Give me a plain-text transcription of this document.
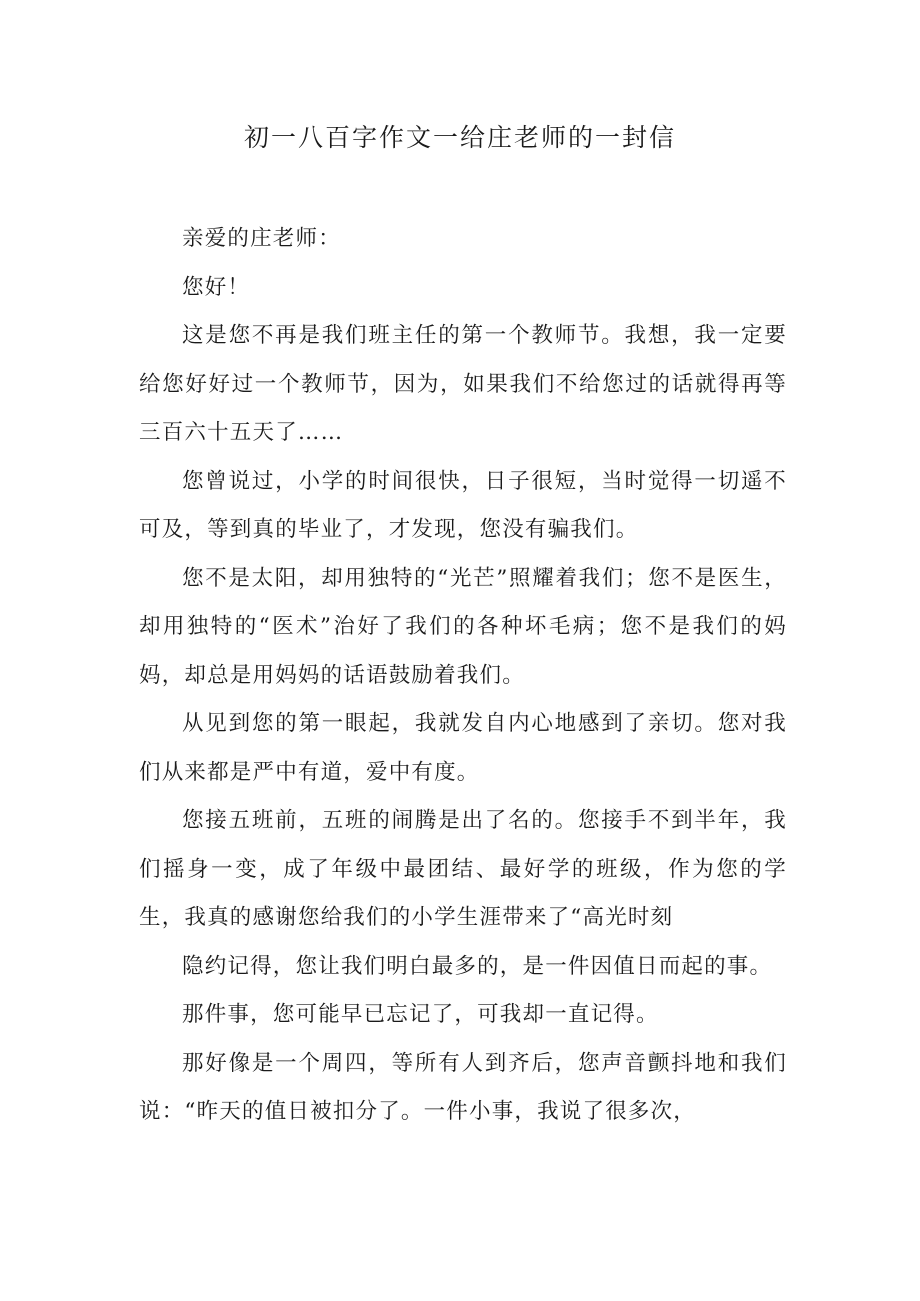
初一八百字作文一给庄老师的一封信

亲爱的庄老师：

您好！

这是您不再是我们班主任的第一个教师节。我想，我一定要给您好好过一个教师节，因为，如果我们不给您过的话就得再等三百六十五天了……

您曾说过，小学的时间很快，日子很短，当时觉得一切遥不可及，等到真的毕业了，才发现，您没有骗我们。

您不是太阳，却用独特的“光芒”照耀着我们；您不是医生，却用独特的“医术”治好了我们的各种坏毛病；您不是我们的妈妈，却总是用妈妈的话语鼓励着我们。

从见到您的第一眼起，我就发自内心地感到了亲切。您对我们从来都是严中有道，爱中有度。

您接五班前，五班的闹腾是出了名的。您接手不到半年，我们摇身一变，成了年级中最团结、最好学的班级，作为您的学生，我真的感谢您给我们的小学生涯带来了“高光时刻

隐约记得，您让我们明白最多的，是一件因值日而起的事。

那件事，您可能早已忘记了，可我却一直记得。

那好像是一个周四，等所有人到齐后，您声音颤抖地和我们说：“昨天的值日被扣分了。一件小事，我说了很多次，
